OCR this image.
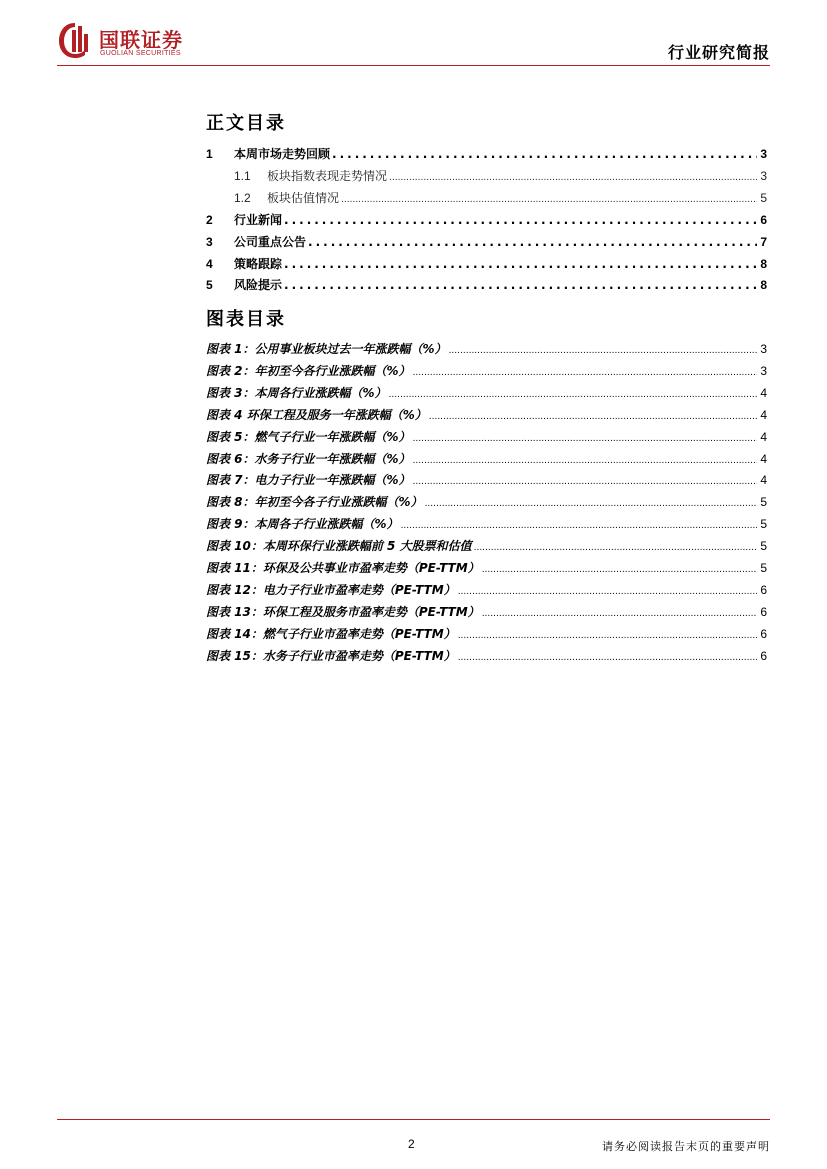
国联证券
GUOLIAN SECURITIES	行业研究简报
正文目录
1	本周市场走势回顾 .....	3
1.1	板块指数表现走势情况 .....	3
1.2	板块估值情况 .....	5
2	行业新闻 .....	6
3	公司重点公告 .....	7
4	策略跟踪 .....	8
5	风险提示 .....	8
图表目录
图表 1：公用事业板块过去一年涨跌幅（%） .....	3
图表 2：年初至今各行业涨跌幅（%） .....	3
图表 3：本周各行业涨跌幅（%） .....	4
图表 4 环保工程及服务一年涨跌幅（%） .....	4
图表 5：燃气子行业一年涨跌幅（%） .....	4
图表 6：水务子行业一年涨跌幅（%） .....	4
图表 7：电力子行业一年涨跌幅（%） .....	4
图表 8：年初至今各子行业涨跌幅（%） .....	5
图表 9：本周各子行业涨跌幅（%） .....	5
图表 10：本周环保行业涨跌幅前 5 大股票和估值 .....	5
图表 11：环保及公共事业市盈率走势（PE-TTM） .....	5
图表 12：电力子行业市盈率走势（PE-TTM） .....	6
图表 13：环保工程及服务市盈率走势（PE-TTM） .....	6
图表 14：燃气子行业市盈率走势（PE-TTM） .....	6
图表 15：水务子行业市盈率走势（PE-TTM） .....	6
2	请务必阅读报告末页的重要声明
